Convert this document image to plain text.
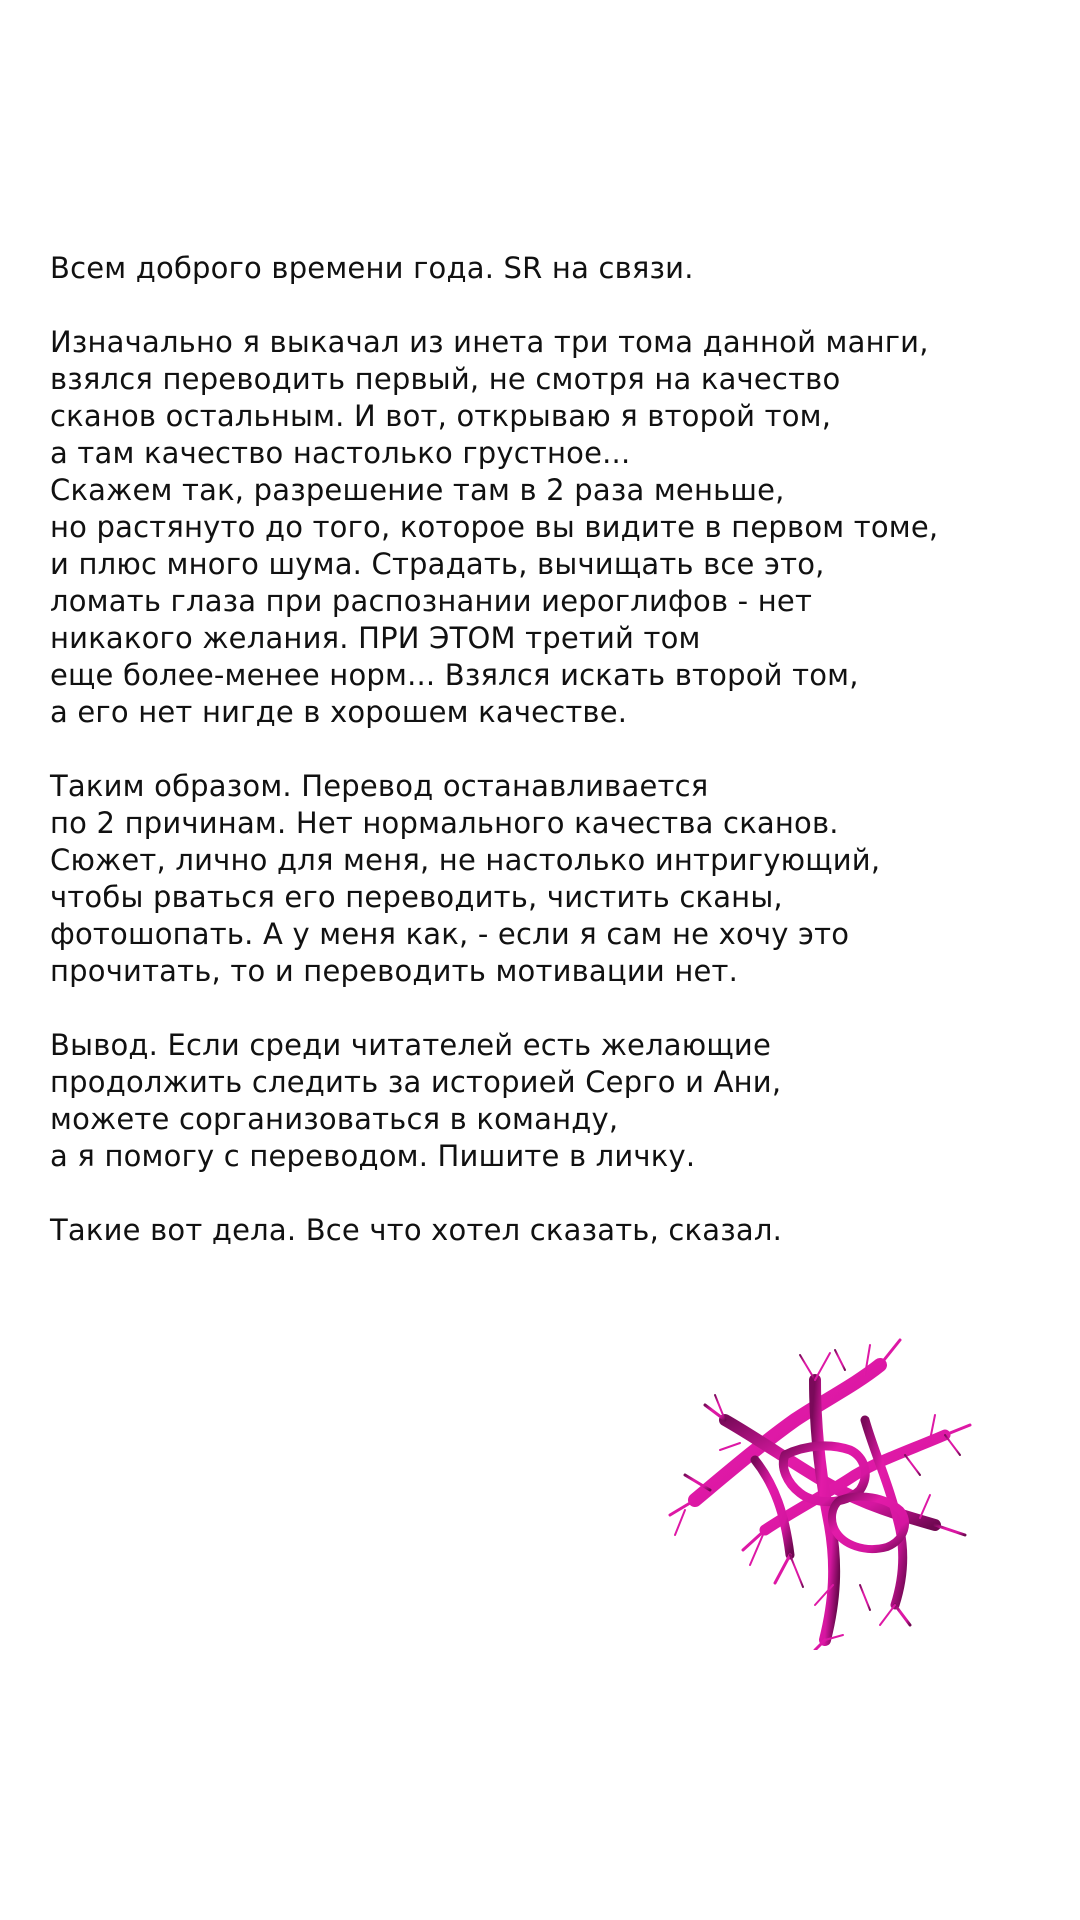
Всем доброго времени года. SR на связи.

Изначально я выкачал из инета три тома данной манги,
взялся переводить первый, не смотря на качество
сканов остальным. И вот, открываю я второй том,
а там качество настолько грустное...
Скажем так, разрешение там в 2 раза меньше,
но растянуто до того, которое вы видите в первом томе,
и плюс много шума. Страдать, вычищать все это,
ломать глаза при распознании иероглифов - нет
никакого желания. ПРИ ЭТОМ третий том
еще более-менее норм... Взялся искать второй том,
а его нет нигде в хорошем качестве.

Таким образом. Перевод останавливается
по 2 причинам. Нет нормального качества сканов.
Сюжет, лично для меня, не настолько интригующий,
чтобы рваться его переводить, чистить сканы,
фотошопать. А у меня как, - если я сам не хочу это
прочитать, то и переводить мотивации нет.

Вывод. Если среди читателей есть желающие
продолжить следить за историей Серго и Ани,
можете сорганизоваться в команду,
а я помогу с переводом. Пишите в личку.

Такие вот дела. Все что хотел сказать, сказал.
